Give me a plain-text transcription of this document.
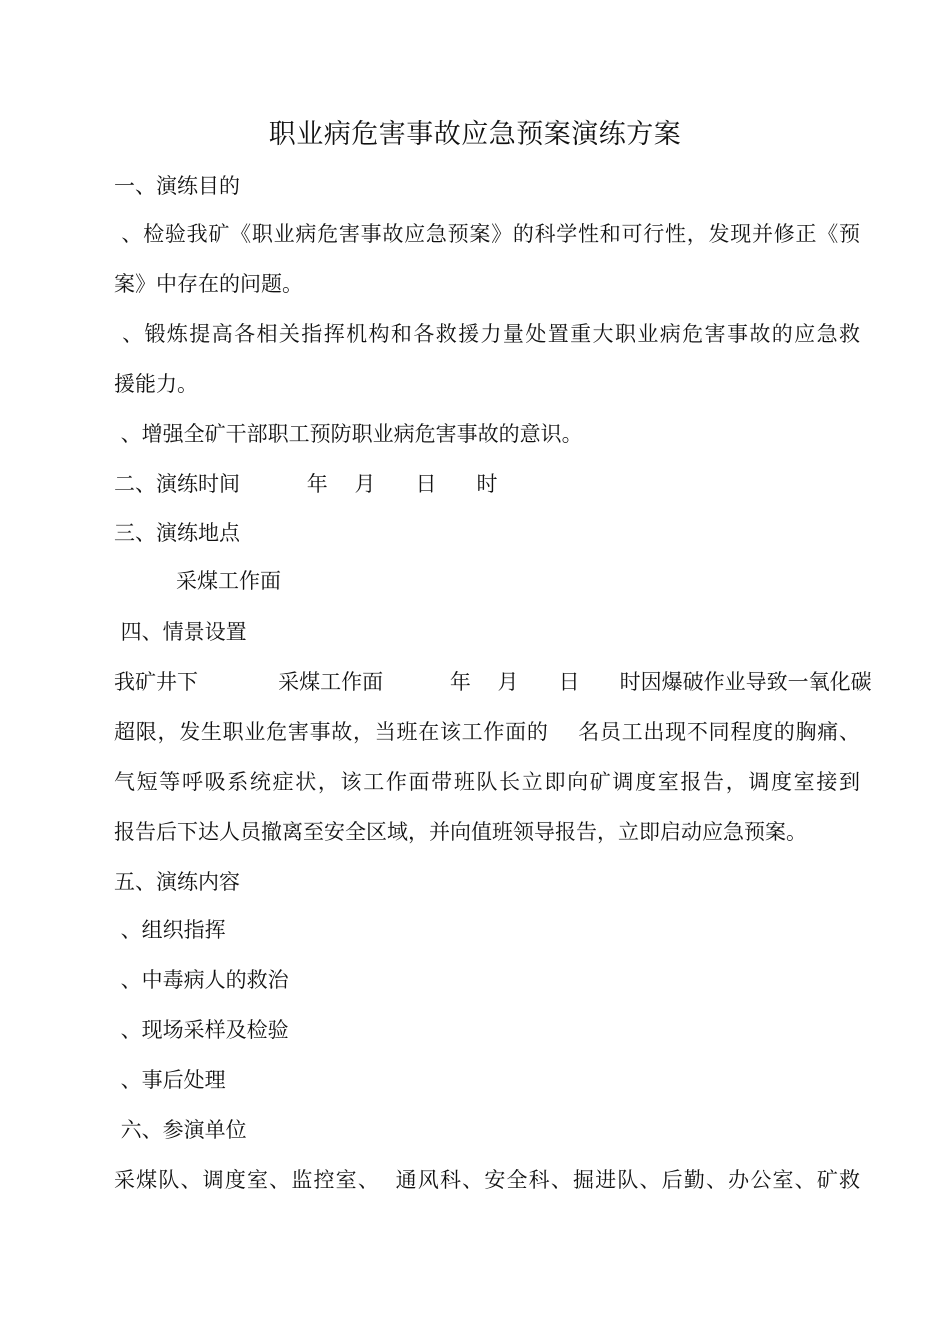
职业病危害事故应急预案演练方案
一、演练目的
、检验我矿《职业病危害事故应急预案》的科学性和可行性，发现并修正《预
案》中存在的问题。
、锻炼提高各相关指挥机构和各救援力量处置重大职业病危害事故的应急救
援能力。
、增强全矿干部职工预防职业病危害事故的意识。
二、演练时间          年    月      日      时
三、演练地点
采煤工作面
四、情景设置
我矿井下            采煤工作面          年    月      日      时因爆破作业导致一氧化碳
超限，发生职业危害事故，当班在该工作面的    名员工出现不同程度的胸痛、
气短等呼吸系统症状，该工作面带班队长立即向矿调度室报告，调度室接到
报告后下达人员撤离至安全区域，并向值班领导报告，立即启动应急预案。
五、演练内容
、组织指挥
、中毒病人的救治
、现场采样及检验
、事后处理
六、参演单位
采煤队、调度室、监控室、  通风科、安全科、掘进队、后勤、办公室、矿救
